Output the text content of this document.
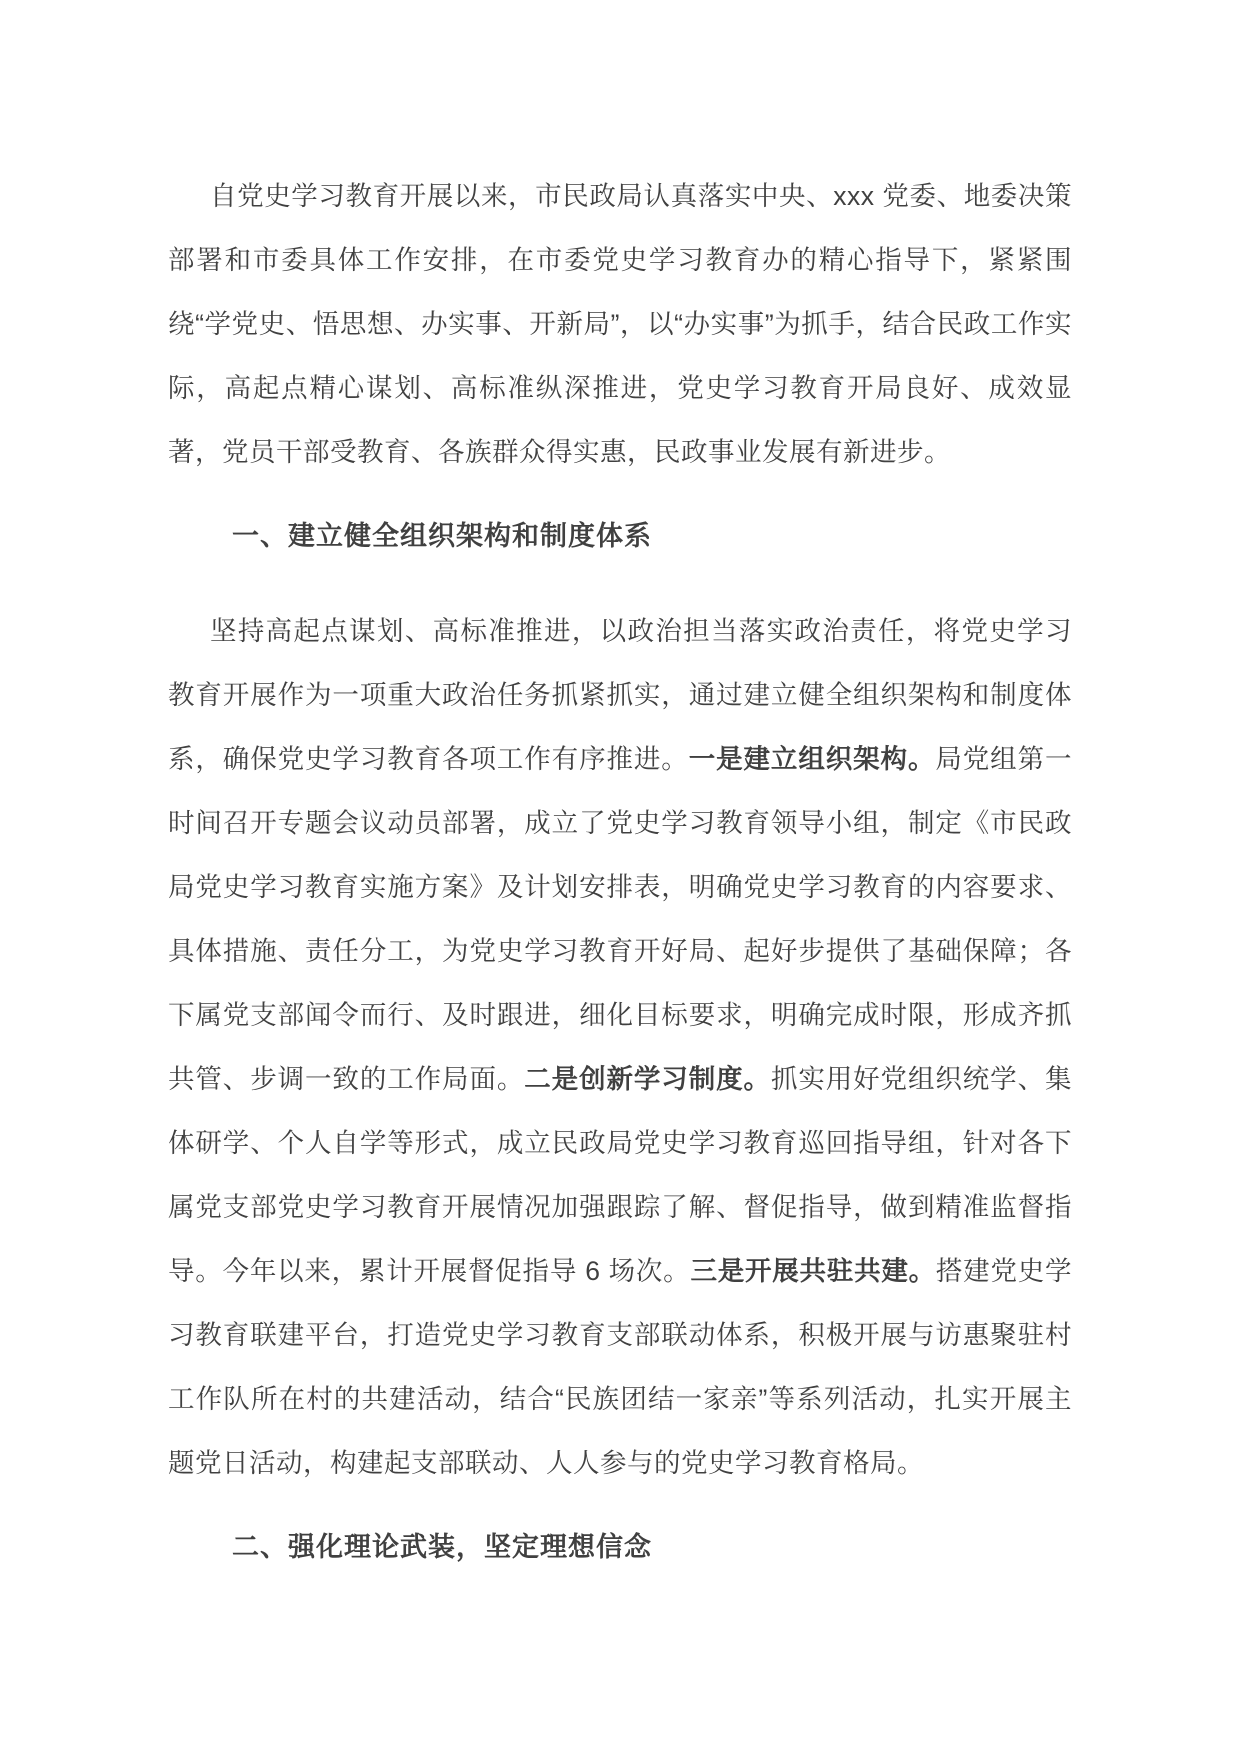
自党史学习教育开展以来，市民政局认真落实中央、xxx 党委、地委决策部署和市委具体工作安排，在市委党史学习教育办的精心指导下，紧紧围绕“学党史、悟思想、办实事、开新局”，以“办实事”为抓手，结合民政工作实际，高起点精心谋划、高标准纵深推进，党史学习教育开局良好、成效显著，党员干部受教育、各族群众得实惠，民政事业发展有新进步。

一、建立健全组织架构和制度体系

坚持高起点谋划、高标准推进，以政治担当落实政治责任，将党史学习教育开展作为一项重大政治任务抓紧抓实，通过建立健全组织架构和制度体系，确保党史学习教育各项工作有序推进。一是建立组织架构。局党组第一时间召开专题会议动员部署，成立了党史学习教育领导小组，制定《市民政局党史学习教育实施方案》及计划安排表，明确党史学习教育的内容要求、具体措施、责任分工，为党史学习教育开好局、起好步提供了基础保障；各下属党支部闻令而行、及时跟进，细化目标要求，明确完成时限，形成齐抓共管、步调一致的工作局面。二是创新学习制度。抓实用好党组织统学、集体研学、个人自学等形式，成立民政局党史学习教育巡回指导组，针对各下属党支部党史学习教育开展情况加强跟踪了解、督促指导，做到精准监督指导。今年以来，累计开展督促指导 6 场次。三是开展共驻共建。搭建党史学习教育联建平台，打造党史学习教育支部联动体系，积极开展与访惠聚驻村工作队所在村的共建活动，结合“民族团结一家亲”等系列活动，扎实开展主题党日活动，构建起支部联动、人人参与的党史学习教育格局。

二、强化理论武装，坚定理想信念
